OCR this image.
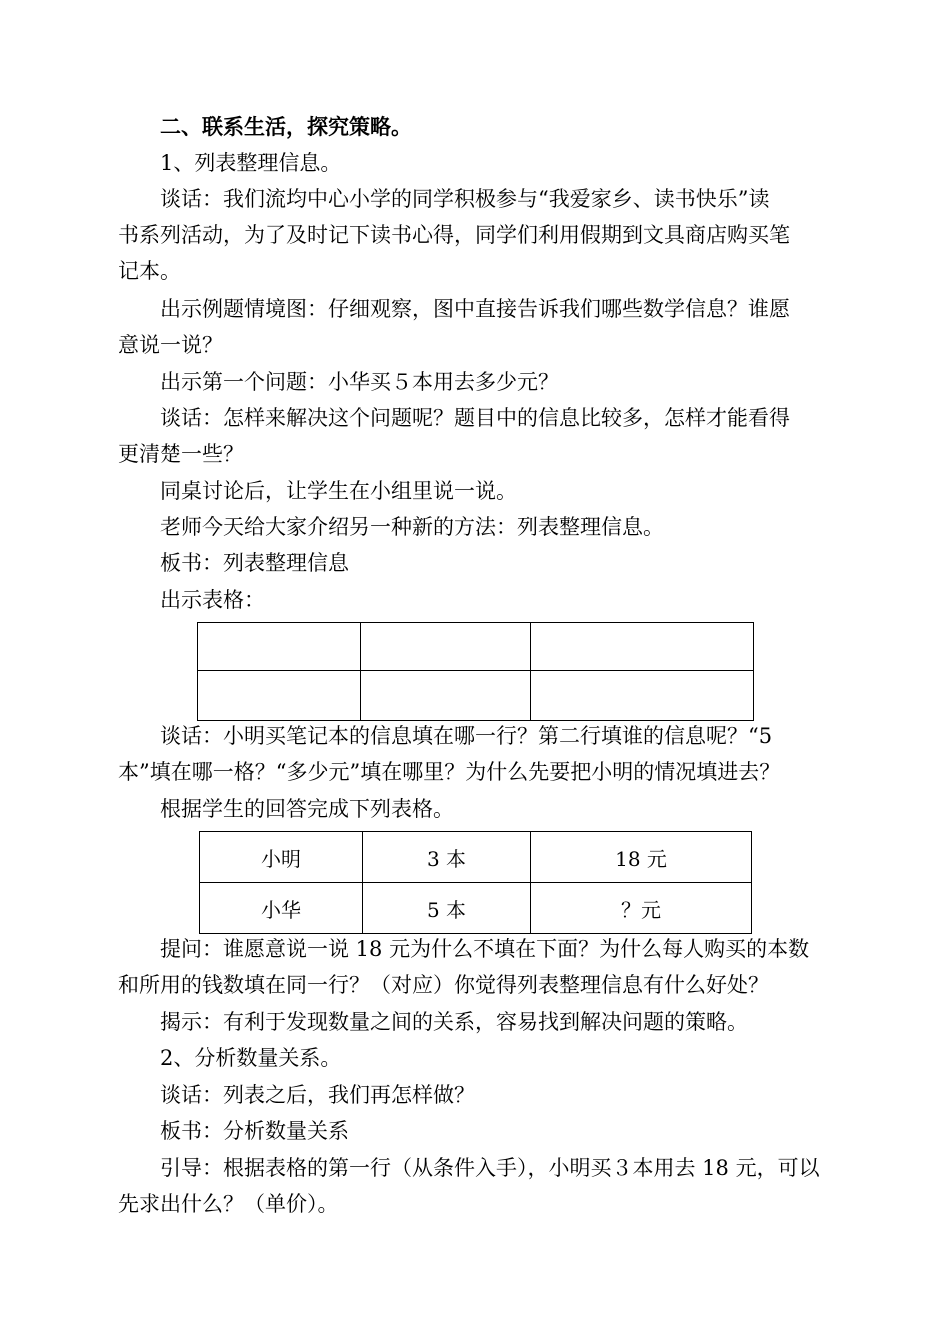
二、联系生活，探究策略。
1、列表整理信息。
谈话：我们流均中心小学的同学积极参与“我爱家乡、读书快乐”读
书系列活动，为了及时记下读书心得，同学们利用假期到文具商店购买笔
记本。
出示例题情境图：仔细观察，图中直接告诉我们哪些数学信息？谁愿
意说一说？
出示第一个问题：小华买５本用去多少元？
谈话：怎样来解决这个问题呢？题目中的信息比较多，怎样才能看得
更清楚一些？
同桌讨论后，让学生在小组里说一说。
老师今天给大家介绍另一种新的方法：列表整理信息。
板书：列表整理信息
出示表格：

谈话：小明买笔记本的信息填在哪一行？第二行填谁的信息呢？“5
本”填在哪一格？“多少元”填在哪里？为什么先要把小明的情况填进去？
根据学生的回答完成下列表格。
小明	3 本	18 元
小华	5 本	？元
提问：谁愿意说一说 18 元为什么不填在下面？为什么每人购买的本数
和所用的钱数填在同一行？（对应）你觉得列表整理信息有什么好处？
揭示：有利于发现数量之间的关系，容易找到解决问题的策略。
2、分析数量关系。
谈话：列表之后，我们再怎样做？
板书：分析数量关系
引导：根据表格的第一行（从条件入手），小明买３本用去 18 元，可以
先求出什么？（单价）。
